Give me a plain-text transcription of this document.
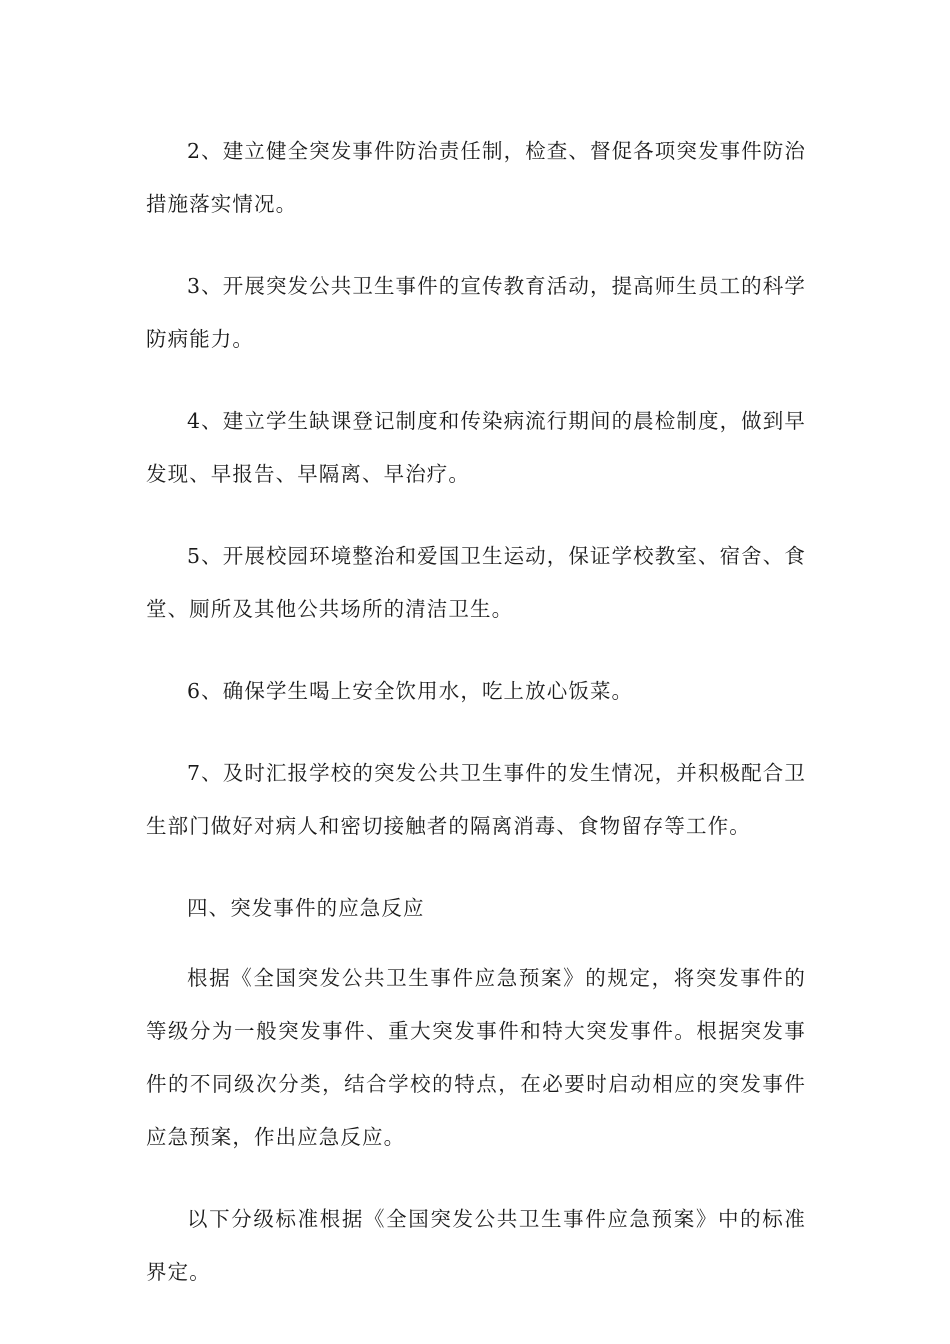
2、建立健全突发事件防治责任制，检查、督促各项突发事件防治措施落实情况。

3、开展突发公共卫生事件的宣传教育活动，提高师生员工的科学防病能力。

4、建立学生缺课登记制度和传染病流行期间的晨检制度，做到早发现、早报告、早隔离、早治疗。

5、开展校园环境整治和爱国卫生运动，保证学校教室、宿舍、食堂、厕所及其他公共场所的清洁卫生。

6、确保学生喝上安全饮用水，吃上放心饭菜。

7、及时汇报学校的突发公共卫生事件的发生情况，并积极配合卫生部门做好对病人和密切接触者的隔离消毒、食物留存等工作。

四、突发事件的应急反应

根据《全国突发公共卫生事件应急预案》的规定，将突发事件的等级分为一般突发事件、重大突发事件和特大突发事件。根据突发事件的不同级次分类，结合学校的特点，在必要时启动相应的突发事件应急预案，作出应急反应。

以下分级标准根据《全国突发公共卫生事件应急预案》中的标准界定。
